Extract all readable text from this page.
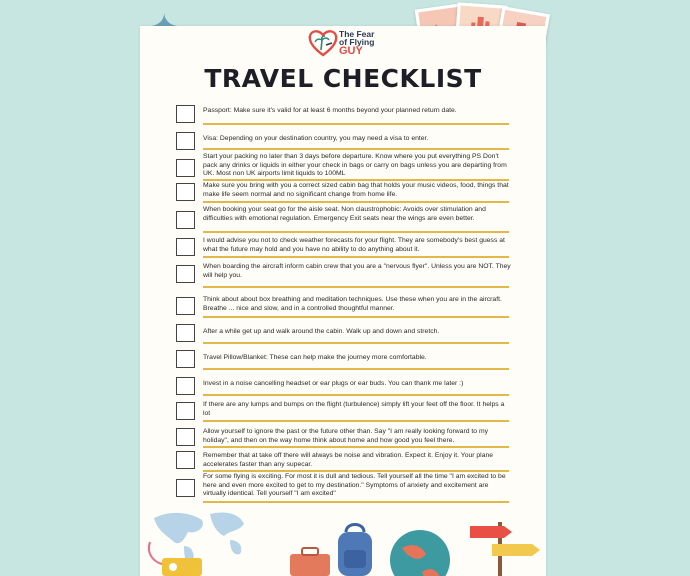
The Fear
of Flying
GUY
TRAVEL CHECKLIST
Passport: Make sure it's valid for at least 6 months beyond your planned return date.
Visa: Depending on your destination country, you may need a visa to enter.
Start your packing no later than 3 days before departure. Know where you put everything PS Don't pack any drinks or liquids in either your check in bags or carry on bags unless you are departing from UK. Most non UK airports limit liquids to 100ML
Make sure you bring with you a correct sized cabin bag that holds your music videos, food, things that make life seem normal and no significant change from home life.
When booking your seat go for the aisle seat. Non claustrophobic: Avoids over stimulation and difficulties with emotional regulation. Emergency Exit seats near the wings are even better.
I would advise you not to check weather forecasts for your flight. They are somebody's best guess at what the future may hold and you have no ability to do anything about it.
When boarding the aircraft inform cabin crew that you are a "nervous flyer". Unless you are NOT. They will help you.
Think about about box breathing and meditation techniques. Use these when you are in the aircraft. Breathe ... nice and slow, and in a controlled thoughtful manner.
After a while get up and walk around the cabin. Walk up and down and stretch.
Travel Pillow/Blanket: These can help make the journey more comfortable.
Invest in a noise cancelling headset or ear plugs or ear buds. You can thank me later :)
If there are any lumps and bumps on the flight (turbulence) simply lift your feet off the floor. It helps a lot
Allow yourself to ignore the past or the future other than. Say "I am really looking forward to my holiday", and then on the way home think about home and how good you feel there.
Remember that at take off there will always be noise and vibration. Expect it. Enjoy it. Your plane accelerates faster than any supecar.
For some flying is exciting. For most it is dull and tedious. Tell yourself all the time "I am excited to be here and even more excited to get to my destination." Symptoms of anxiety and excitement are virtually identical. Tell yourself "I am excited"
